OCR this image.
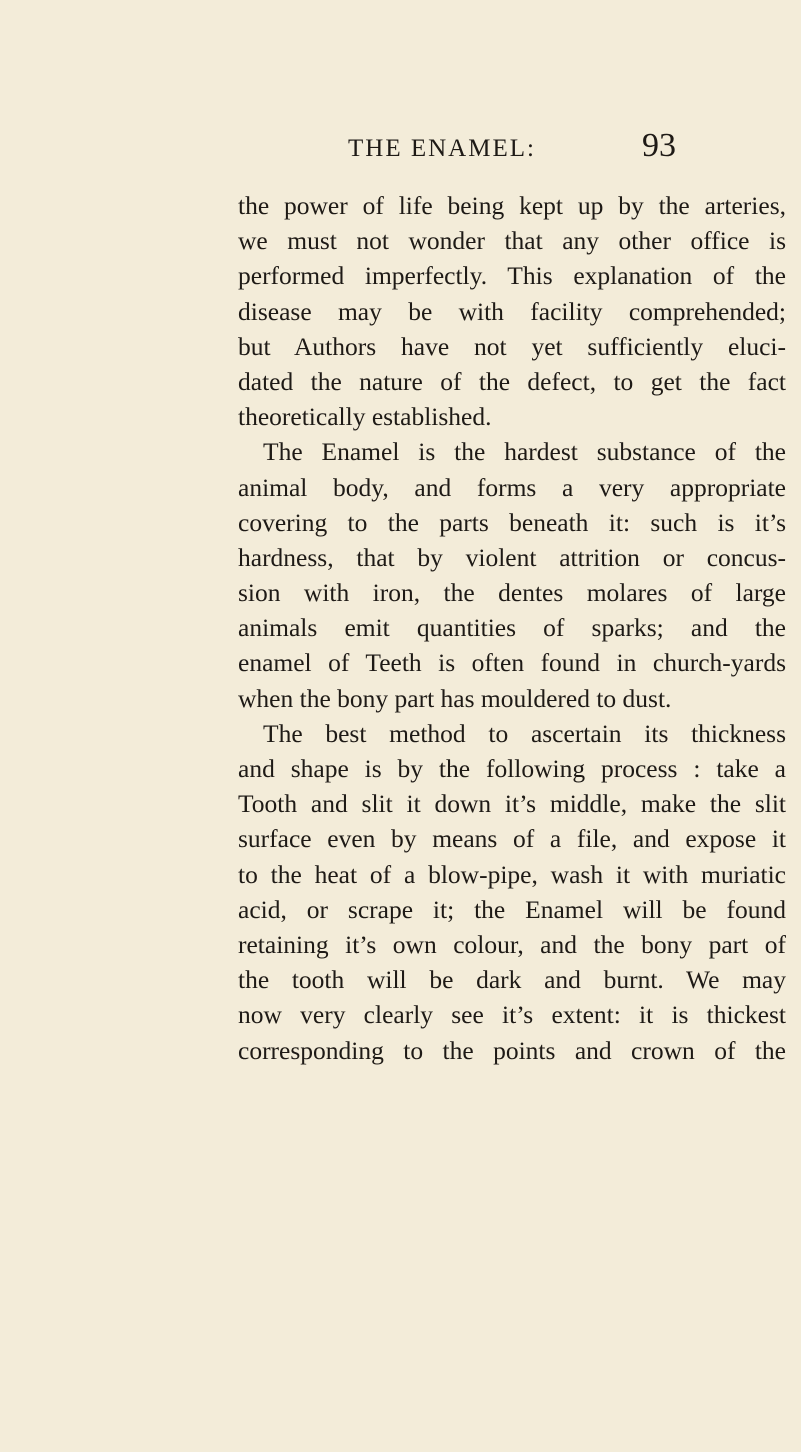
THE ENAMEL:	93
the power of life being kept up by the arteries,
we must not wonder that any other office is
performed imperfectly. This explanation of the
disease may be with facility comprehended;
but Authors have not yet sufficiently eluci-
dated the nature of the defect, to get the fact
theoretically established.
The Enamel is the hardest substance of the
animal body, and forms a very appropriate
covering to the parts beneath it: such is it’s
hardness, that by violent attrition or concus-
sion with iron, the dentes molares of large
animals emit quantities of sparks; and the
enamel of Teeth is often found in church-yards
when the bony part has mouldered to dust.
The best method to ascertain its thickness
and shape is by the following process : take a
Tooth and slit it down it’s middle, make the slit
surface even by means of a file, and expose it
to the heat of a blow-pipe, wash it with muriatic
acid, or scrape it; the Enamel will be found
retaining it’s own colour, and the bony part of
the tooth will be dark and burnt. We may
now very clearly see it’s extent: it is thickest
corresponding to the points and crown of the
